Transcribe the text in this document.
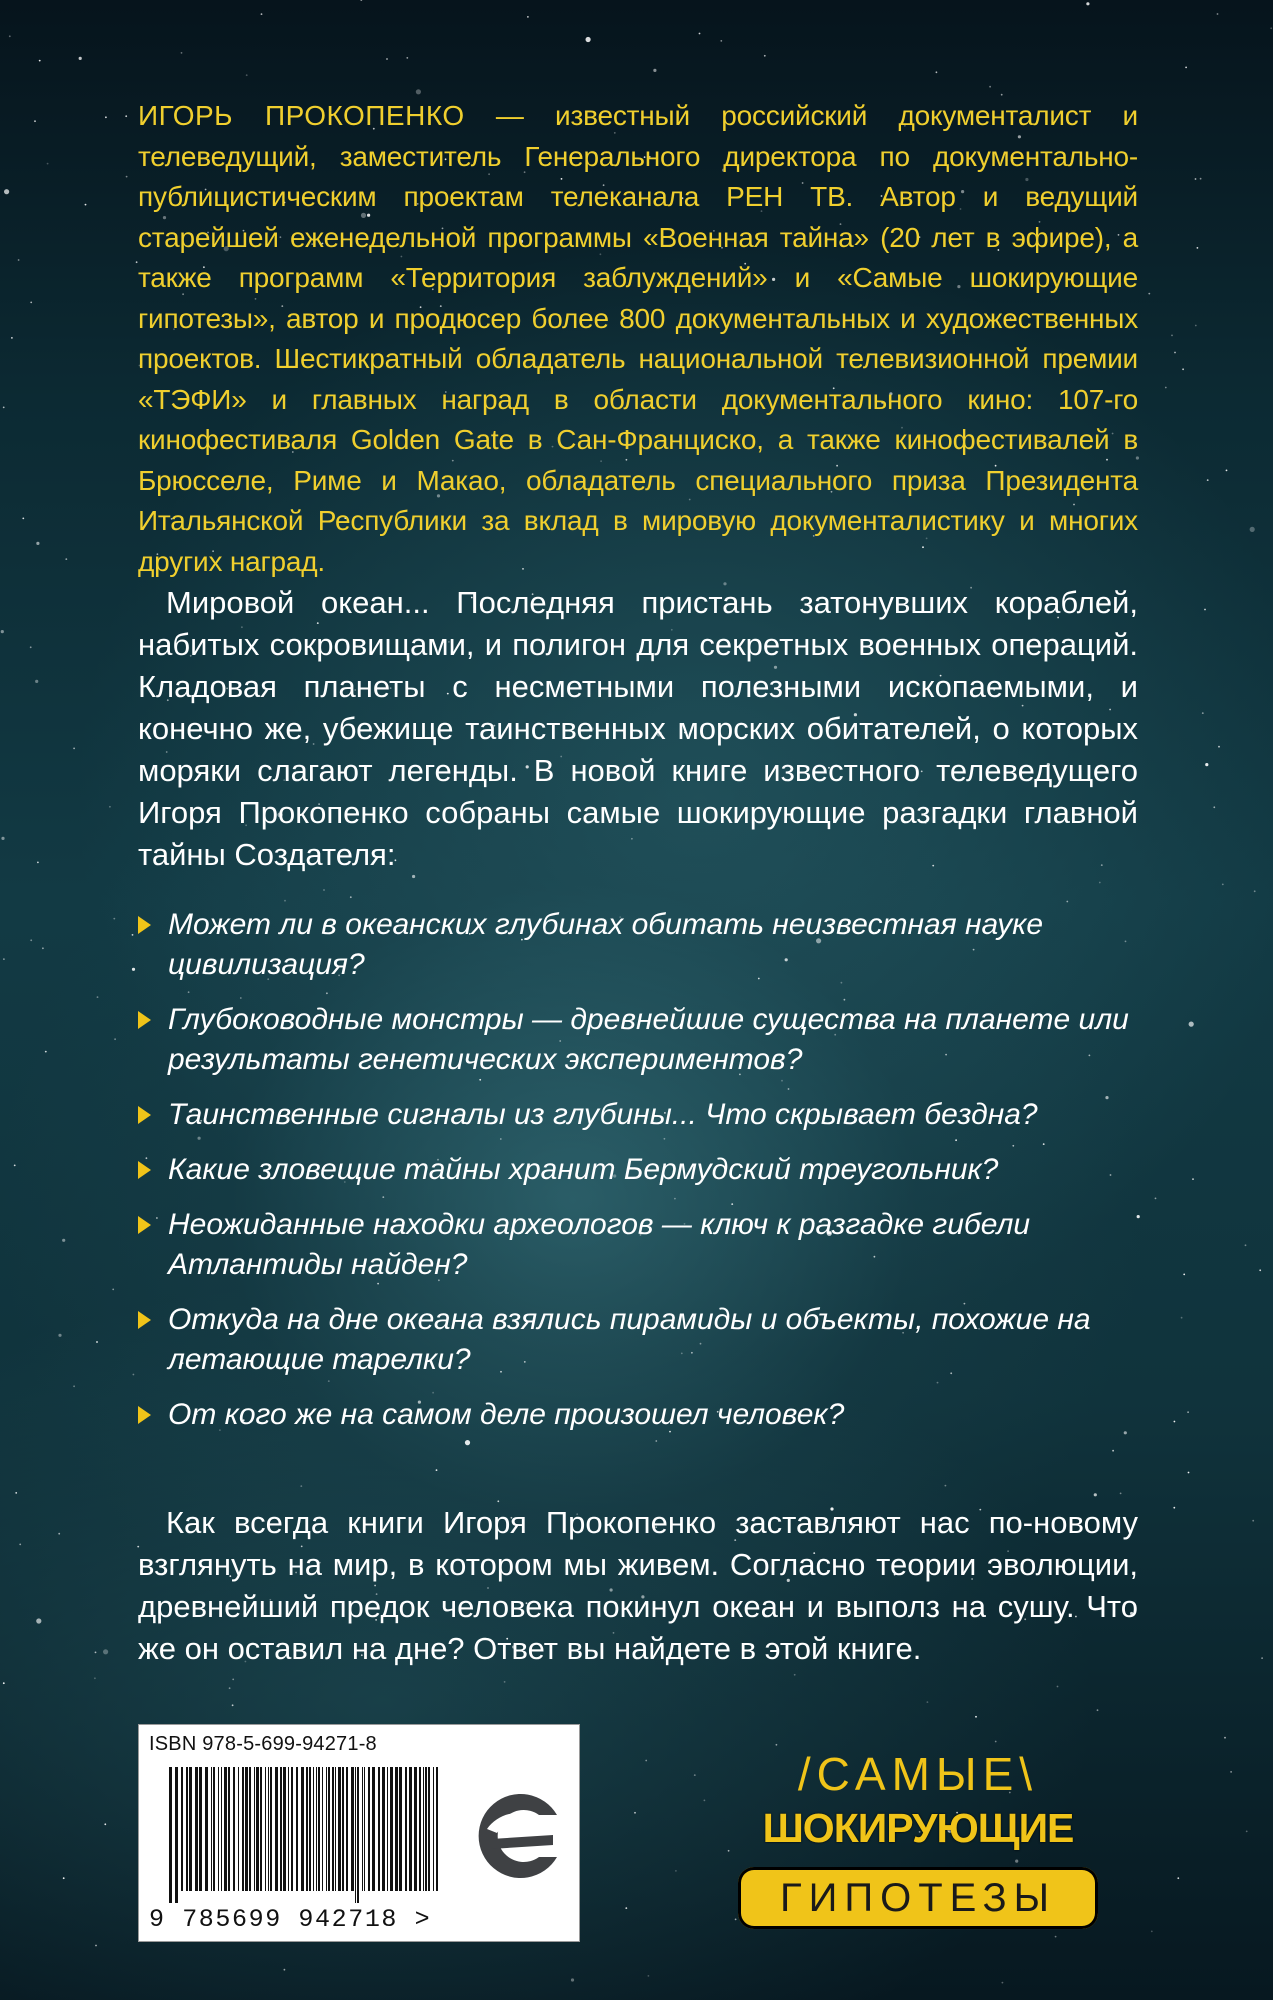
ИГОРЬ ПРОКОПЕНКО — известный российский документалист и телеведущий, заместитель Генерального директора по документально-публицистическим проектам телеканала РЕН ТВ. Автор и ведущий старейшей еженедельной программы «Военная тайна» (20 лет в эфире), а также программ «Территория заблуждений» и «Самые шокирующие гипотезы», автор и продюсер более 800 документальных и художественных проектов. Шестикратный обладатель национальной телевизионной премии «ТЭФИ» и главных наград в области документального кино: 107-го кинофестиваля Golden Gate в Сан-Франциско, а также кинофестивалей в Брюсселе, Риме и Макао, обладатель специального приза Президента Итальянской Республики за вклад в мировую документалистику и многих других наград.
Мировой океан... Последняя пристань затонувших кораблей, набитых сокровищами, и полигон для секретных военных операций. Кладовая планеты с несметными полезными ископаемыми, и конечно же, убежище таинственных морских обитателей, о которых моряки слагают легенды. В новой книге известного телеведущего Игоря Прокопенко собраны самые шокирующие разгадки главной тайны Создателя:
Может ли в океанских глубинах обитать неизвестная науке цивилизация?
Глубоководные монстры — древнейшие существа на планете или результаты генетических экспериментов?
Таинственные сигналы из глубины... Что скрывает бездна?
Какие зловещие тайны хранит Бермудский треугольник?
Неожиданные находки археологов — ключ к разгадке гибели Атлантиды найден?
Откуда на дне океана взялись пирамиды и объекты, похожие на летающие тарелки?
От кого же на самом деле произошел человек?
Как всегда книги Игоря Прокопенко заставляют нас по-новому взглянуть на мир, в котором мы живем. Согласно теории эволюции, древнейший предок человека покинул океан и выполз на сушу. Что же он оставил на дне? Ответ вы найдете в этой книге.
ISBN 978-5-699-94271-8
9 785699 942718 >
/САМЫЕ\
ШОКИРУЮЩИЕ
ГИПОТЕЗЫ
